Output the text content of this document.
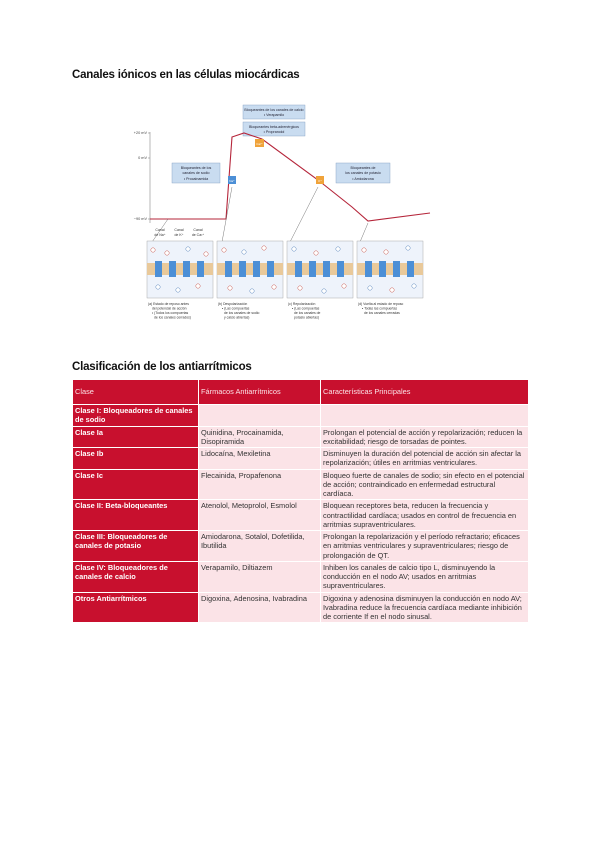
Canales iónicos en las células miocárdicas
+20 mV
0 mV
−90 mV
Bloqueantes de los canales de calcio
• Verapamilo
Bloqueantes beta-adrenérgicos
• Propranolol
Bloqueantes de los
canales de sodio
• Procainamida
Bloqueantes de
los canales de potasio
• Amiodarona
Na⁺
Ca²⁺
K⁺
Canal
de Na⁺
Canal
de K⁺
Canal
de Ca²⁺
(a) Estado de reposo antes
del potencial de acción
• (Todos los compuertas
de los canales cerrados)
(b) Despolarización
• (Las compuertas
de los canales de sodio
y calcio abiertas)
(c) Repolarización
• (Las compuertas
de los canales de
potasio abiertas)
(d) Vuelta al estado de reposo
• Todas las compuertas
de los canales cerradas
Clasificación de los antiarrítmicos
Clase	Fármacos Antiarrítmicos	Características Principales
Clase I: Bloqueadores de canales de sodio		
Clase Ia	Quinidina, Procainamida, Disopiramida	Prolongan el potencial de acción y repolarización; reducen la excitabilidad; riesgo de torsadas de pointes.
Clase Ib	Lidocaína, Mexiletina	Disminuyen la duración del potencial de acción sin afectar la repolarización; útiles en arritmias ventriculares.
Clase Ic	Flecainida, Propafenona	Bloqueo fuerte de canales de sodio; sin efecto en el potencial de acción; contraindicado en enfermedad estructural cardíaca.
Clase II: Beta-bloqueantes	Atenolol, Metoprolol, Esmolol	Bloquean receptores beta, reducen la frecuencia y contractilidad cardíaca; usados en control de frecuencia en arritmias supraventriculares.
Clase III: Bloqueadores de canales de potasio	Amiodarona, Sotalol, Dofetilida, Ibutilida	Prolongan la repolarización y el período refractario; eficaces en arritmias ventriculares y supraventriculares; riesgo de prolongación de QT.
Clase IV: Bloqueadores de canales de calcio	Verapamilo, Diltiazem	Inhiben los canales de calcio tipo L, disminuyendo la conducción en el nodo AV; usados en arritmias supraventriculares.
Otros Antiarrítmicos	Digoxina, Adenosina, Ivabradina	Digoxina y adenosina disminuyen la conducción en nodo AV; Ivabradina reduce la frecuencia cardíaca mediante inhibición de corriente If en el nodo sinusal.
